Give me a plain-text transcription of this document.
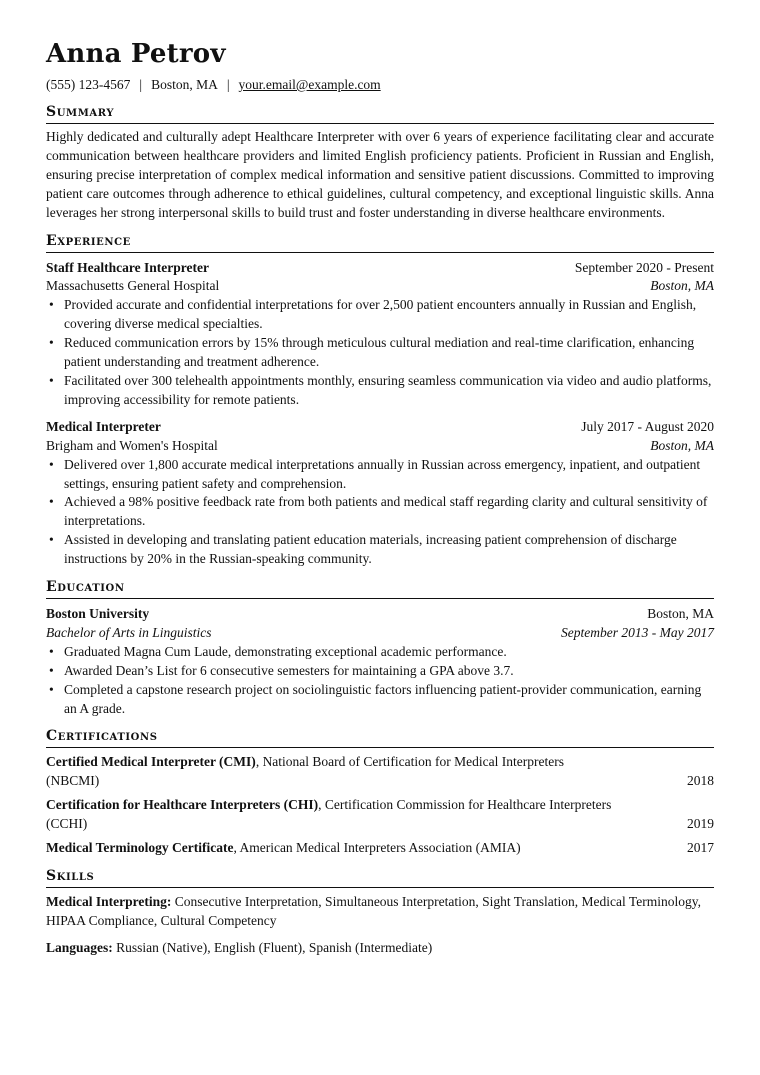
Anna Petrov
(555) 123-4567 | Boston, MA | your.email@example.com
Summary
Highly dedicated and culturally adept Healthcare Interpreter with over 6 years of experience facilitating clear and accurate communication between healthcare providers and limited English proficiency patients. Proficient in Russian and English, ensuring precise interpretation of complex medical information and sensitive patient discussions. Committed to improving patient care outcomes through adherence to ethical guidelines, cultural competency, and exceptional linguistic skills. Anna leverages her strong interpersonal skills to build trust and foster understanding in diverse healthcare environments.
Experience
Staff Healthcare Interpreter	September 2020 - Present
Massachusetts General Hospital	Boston, MA
• Provided accurate and confidential interpretations for over 2,500 patient encounters annually in Russian and English, covering diverse medical specialties.
• Reduced communication errors by 15% through meticulous cultural mediation and real-time clarification, enhancing patient understanding and treatment adherence.
• Facilitated over 300 telehealth appointments monthly, ensuring seamless communication via video and audio platforms, improving accessibility for remote patients.
Medical Interpreter	July 2017 - August 2020
Brigham and Women's Hospital	Boston, MA
• Delivered over 1,800 accurate medical interpretations annually in Russian across emergency, inpatient, and outpatient settings, ensuring patient safety and comprehension.
• Achieved a 98% positive feedback rate from both patients and medical staff regarding clarity and cultural sensitivity of interpretations.
• Assisted in developing and translating patient education materials, increasing patient comprehension of discharge instructions by 20% in the Russian-speaking community.
Education
Boston University	Boston, MA
Bachelor of Arts in Linguistics	September 2013 - May 2017
• Graduated Magna Cum Laude, demonstrating exceptional academic performance.
• Awarded Dean’s List for 6 consecutive semesters for maintaining a GPA above 3.7.
• Completed a capstone research project on sociolinguistic factors influencing patient-provider communication, earning an A grade.
Certifications
Certified Medical Interpreter (CMI), National Board of Certification for Medical Interpreters
(NBCMI)	2018
Certification for Healthcare Interpreters (CHI), Certification Commission for Healthcare Interpreters
(CCHI)	2019
Medical Terminology Certificate, American Medical Interpreters Association (AMIA)	2017
Skills
Medical Interpreting: Consecutive Interpretation, Simultaneous Interpretation, Sight Translation, Medical Terminology, HIPAA Compliance, Cultural Competency
Languages: Russian (Native), English (Fluent), Spanish (Intermediate)
